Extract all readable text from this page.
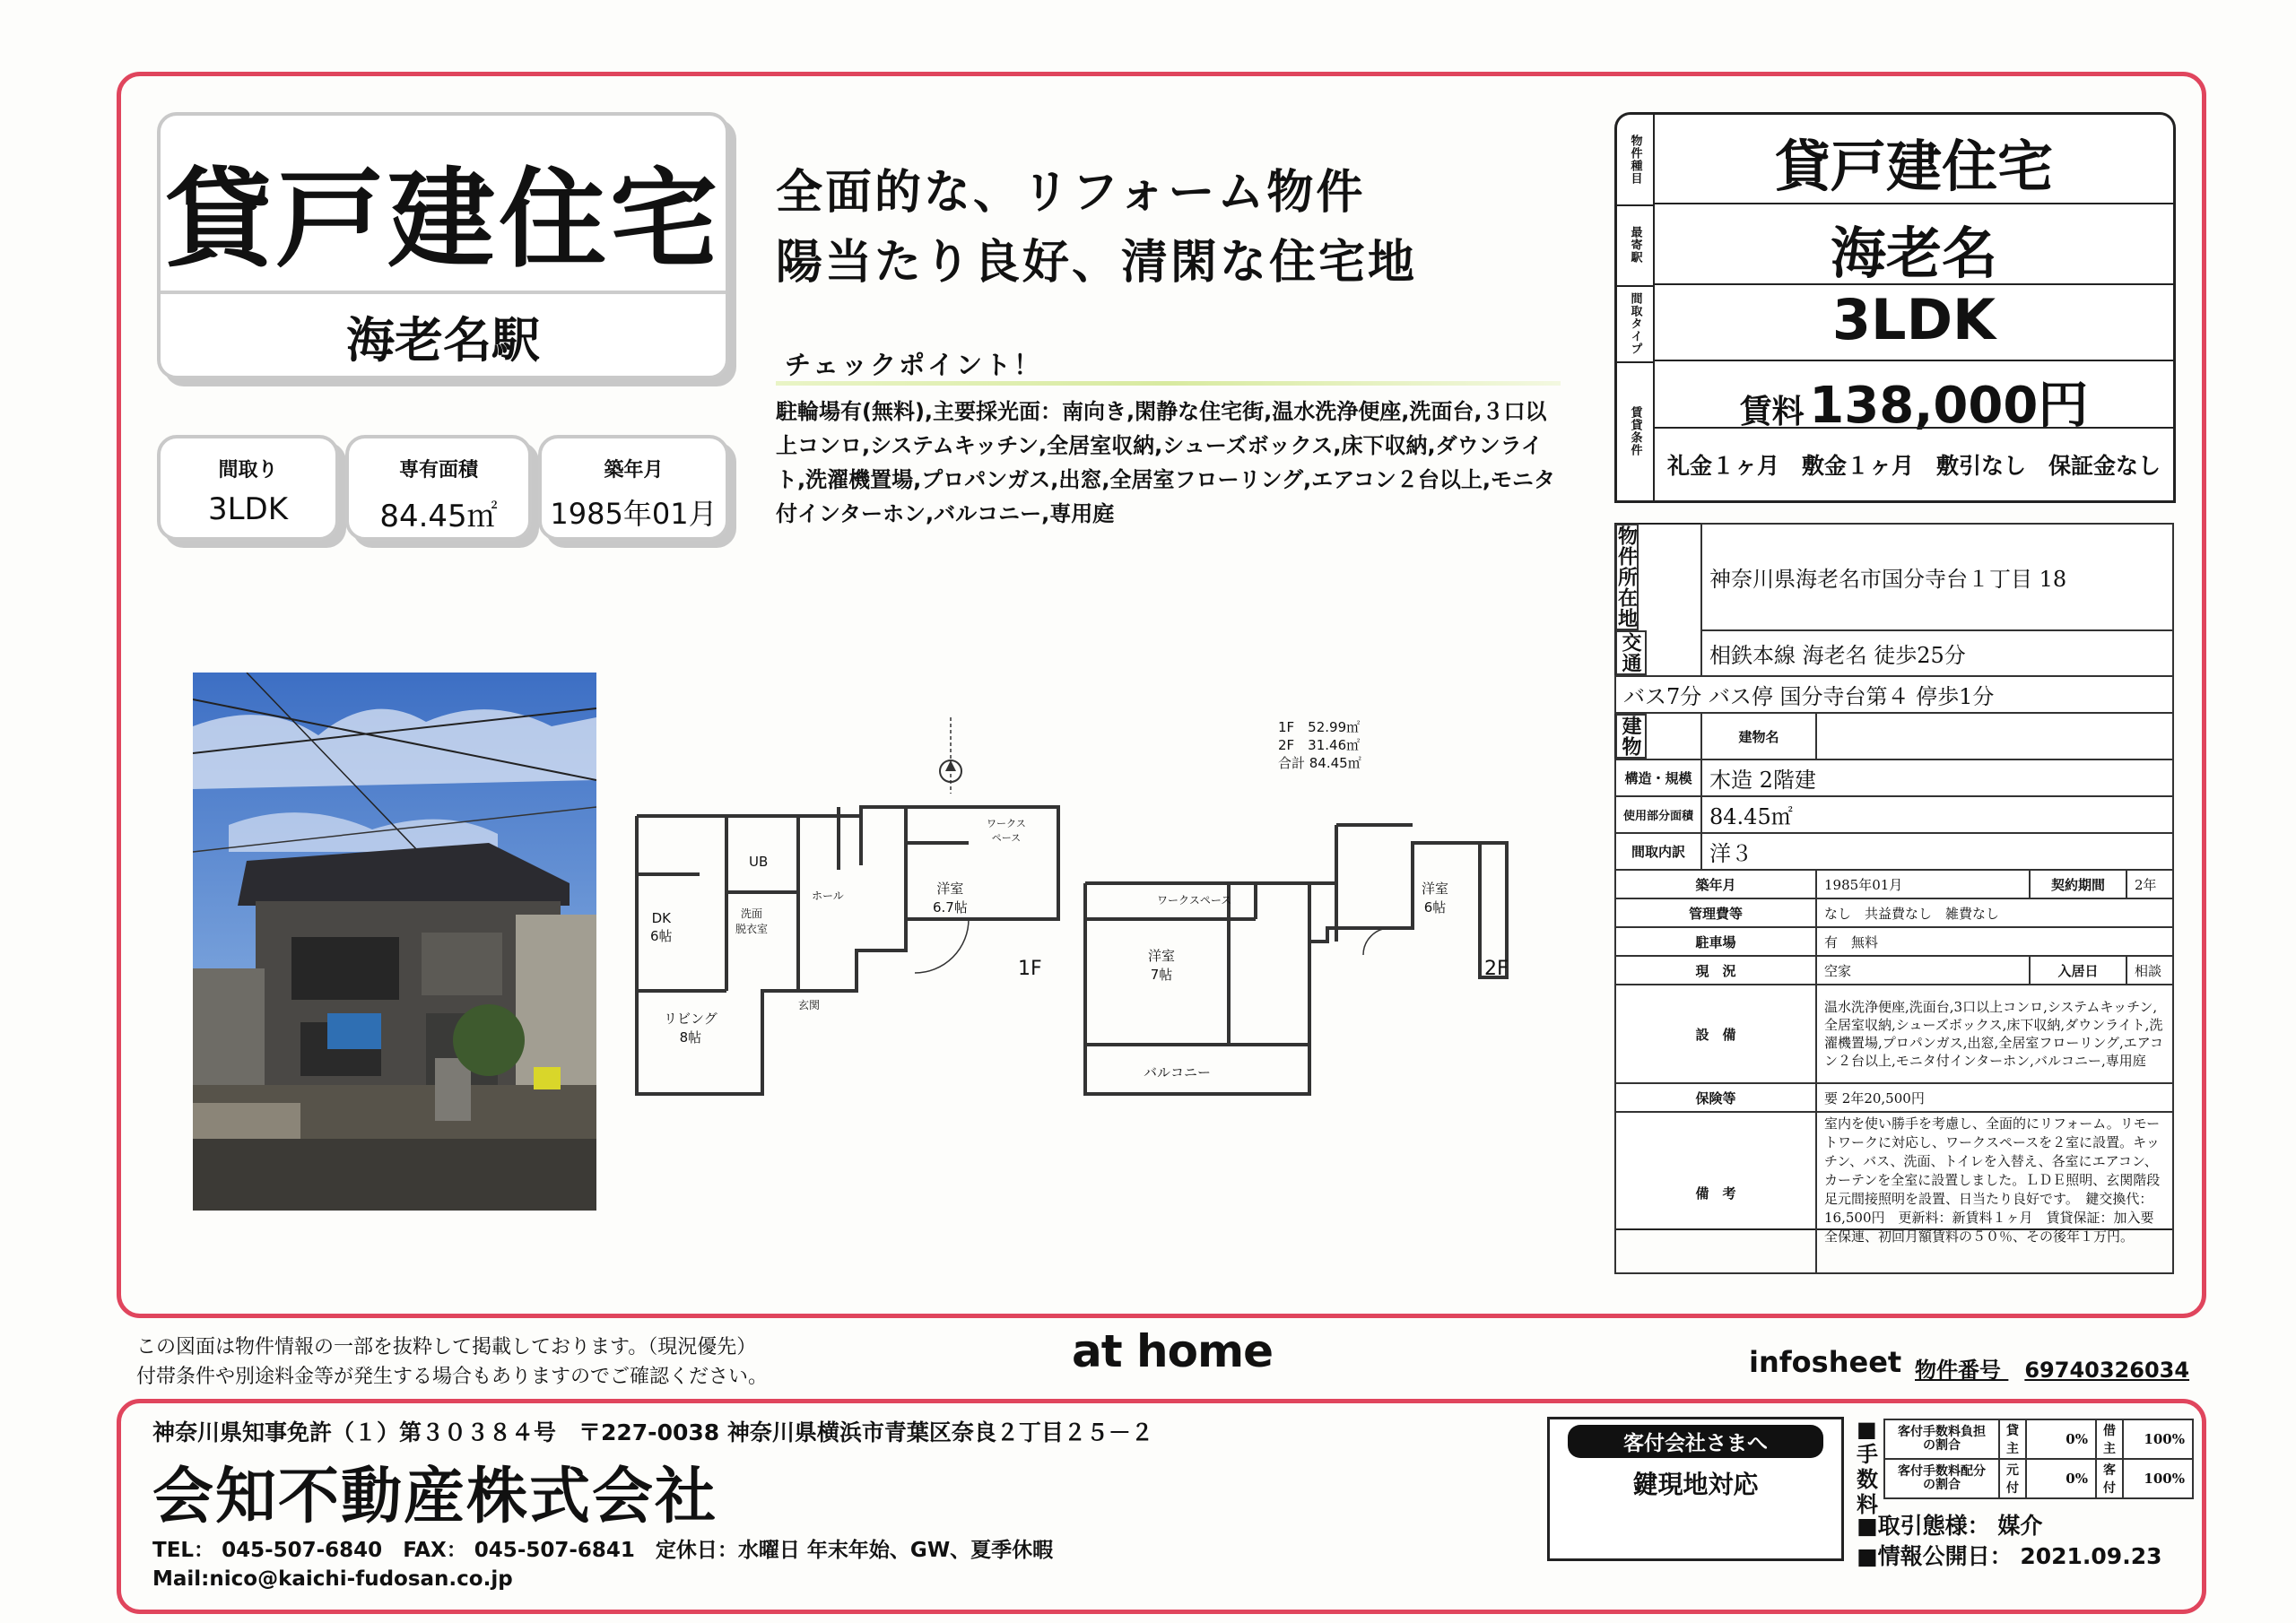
貸戸建住宅
海老名駅
間取り
3LDK
専有面積
84.45㎡
築年月
1985年01月
全面的な、リフォーム物件
陽当たり良好、清閑な住宅地
チェックポイント！
駐輪場有(無料),主要採光面：南向き,閑静な住宅街,温水洗浄便座,洗面台,３口以上コンロ,システムキッチン,全居室収納,シューズボックス,床下収納,ダウンライト,洗濯機置場,プロパンガス,出窓,全居室フローリング,エアコン２台以上,モニタ付インターホン,バルコニー,専用庭
物件種目	貸戸建住宅
最寄駅	海老名
間取タイプ	3LDK
賃貸条件	賃料 138,000円
礼金１ヶ月　敷金１ヶ月　敷引なし　保証金なし
物件所在地	神奈川県海老名市国分寺台１丁目 18			

交通	相鉄本線 海老名 徒歩25分			
バス7分 バス停 国分寺台第４ 停歩1分				

建物	建物名			
構造・規模	木造 2階建			
使用部分面積	84.45㎡			
間取内訳	洋３			
築年月		1985年01月	契約期間	2年
管理費等		なし　共益費なし　雑費なし		
駐車場		有　無料		
現　況		空家	入居日	相談
設　備		温水洗浄便座,洗面台,3口以上コンロ,システムキッチン,全居室収納,シューズボックス,床下収納,ダウンライト,洗濯機置場,プロパンガス,出窓,全居室フローリング,エアコン２台以上,モニタ付インターホン,バルコニー,専用庭		
保険等		要 2年20,500円		
備　考		室内を使い勝手を考慮し、全面的にリフォーム。リモートワークに対応し、ワークスペースを２室に設置。キッチン、バス、洗面、トイレを入替え、各室にエアコン、カーテンを全室に設置しました。ＬＤＥ照明、玄関階段足元間接照明を設置、日当たり良好です。　鍵交換代：16,500円　更新料：新賃料１ヶ月　賃貸保証：加入要 全保連、初回月額賃料の５０％、その後年１万円。		
1F　52.99㎡
2F　31.46㎡
合計 84.45㎡
DK
6帖
リビング
8帖
洋室
6.7帖
UB
洗面
脱衣室
玄関
ホール
ワークス
ペース
洋室
7帖
洋室
6帖
ワークスペース
バルコニー
1F	2F
この図面は物件情報の一部を抜粋して掲載しております。（現況優先）
付帯条件や別途料金等が発生する場合もありますのでご確認ください。	at home	infosheet 物件番号 69740326034
神奈川県知事免許（１）第３０３８４号　〒227-0038 神奈川県横浜市青葉区奈良２丁目２５－２
会知不動産株式会社
TEL： 045-507-6840　FAX： 045-507-6841　定休日：水曜日 年末年始、GW、夏季休暇
Mail:nico@kaichi-fudosan.co.jp
客付会社さまへ
鍵現地対応
■手数料
客付手数料負担の割合	貸主	0%	借主	100%
客付手数料配分の割合	元付	0%	客付	100%
■取引態様： 媒介
■情報公開日： 2021.09.23
